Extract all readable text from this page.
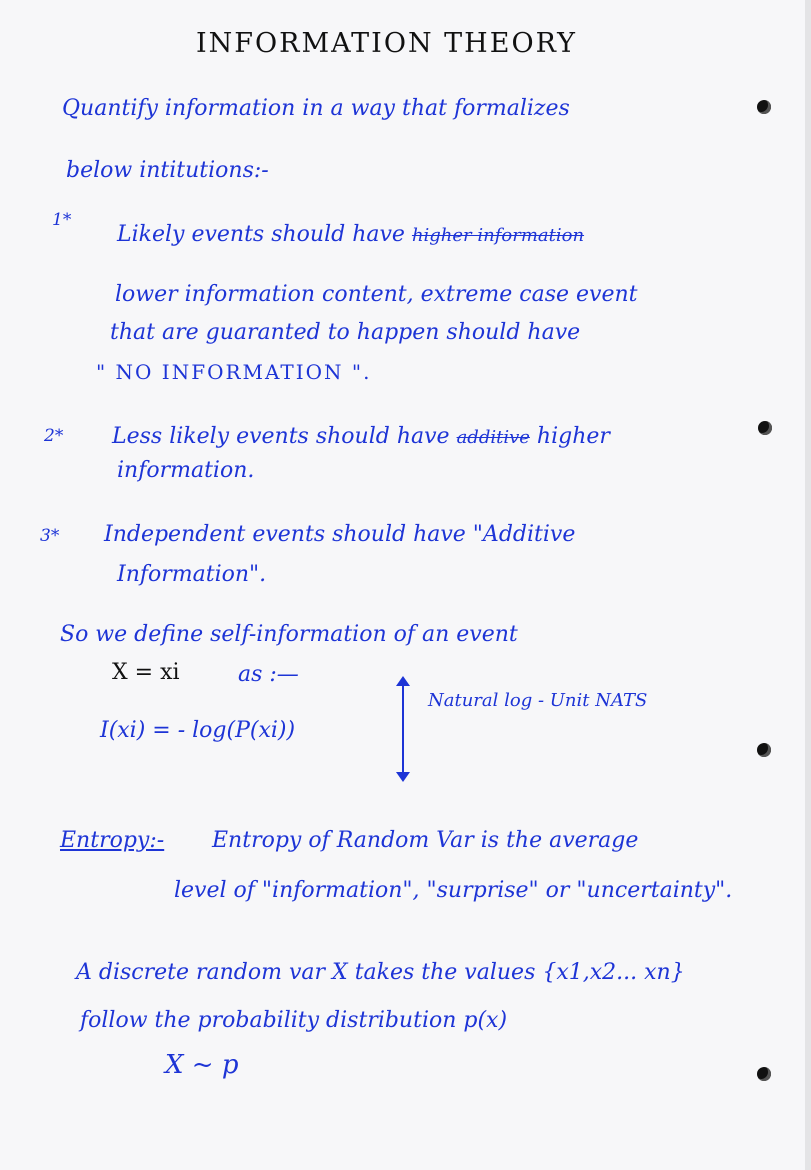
INFORMATION THEORY
Quantify information in a way that formalizes
below intitutions:-
1*
Likely events should have higher information
lower information content, extreme case event
that are guaranted to happen should have
" NO INFORMATION ".
2* Less likely events should have additive higher
information.
3* Independent events should have "Additive
Information".
So we define self-information of an event
X = xi	as :—
Natural log - Unit NATS
I(xi) = - log(P(xi))
Entropy:- Entropy of Random Var is the average
level of "information", "surprise" or "uncertainty".
A discrete random var X takes the values {x1,x2... xn}
follow the probability distribution p(x)
X ~ p
